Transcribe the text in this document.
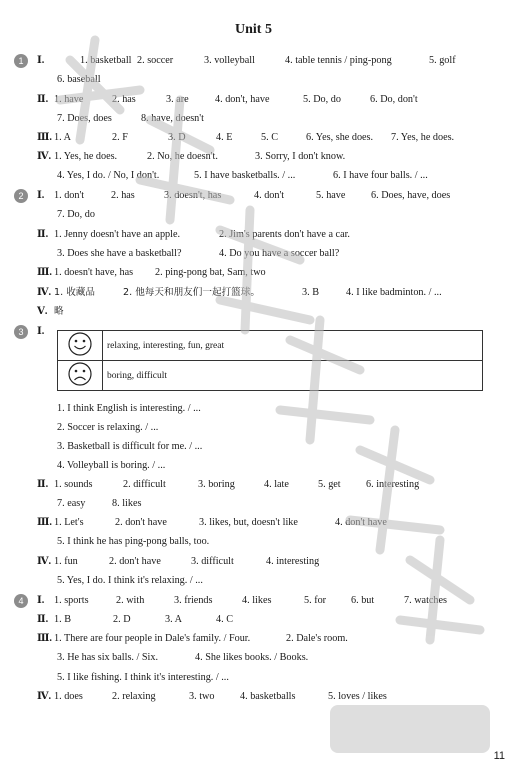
Unit 5
1
2
3
4
Ⅰ.	1. basketball 2. soccer	3. volleyball	4. table tennis / ping-pong	5. golf
6. baseball
Ⅱ. 1. have	2. has	3. are	4. don't, have	5. Do, do	6. Do, don't
7. Does, does	8. have, doesn't
Ⅲ. 1. A	2. F	3. D	4. E	5. C	6. Yes, she does. 7. Yes, he does.
Ⅳ. 1. Yes, he does.	2. No, he doesn't.	3. Sorry, I don't know.
4. Yes, I do. / No, I don't.	5. I have basketballs. / ...	6. I have four balls. / ...
Ⅰ. 1. don't	2. has	3. doesn't, has	4. don't	5. have	6. Does, have, does
7. Do, do
Ⅱ. 1. Jenny doesn't have an apple.	2. Jim's parents don't have a car.
3. Does she have a basketball?	4. Do you have a soccer ball?
Ⅲ. 1. doesn't have, has 2. ping-pong bat, Sam, two
Ⅳ. 1. 收藏品	2. 他每天和朋友们一起打篮球。	3. B	4. I like badminton. / ...
Ⅴ. 略
Ⅰ.
1. I think English is interesting. / ...
2. Soccer is relaxing. / ...
3. Basketball is difficult for me. / ...
4. Volleyball is boring. / ...
Ⅱ. 1. sounds	2. difficult	3. boring	4. late	5. get 6. interesting
7. easy	8. likes
Ⅲ. 1. Let's	2. don't have	3. likes, but, doesn't like	4. don't have
5. I think he has ping-pong balls, too.
Ⅳ. 1. fun	2. don't have	3. difficult	4. interesting
5. Yes, I do. I think it's relaxing. / ...
Ⅰ. 1. sports	2. with	3. friends	4. likes	5. for 6. but	7. watches
Ⅱ. 1. B	2. D	3. A	4. C
Ⅲ. 1. There are four people in Dale's family. / Four.	2. Dale's room.
3. He has six balls. / Six.	4. She likes books. / Books.
5. I like fishing. I think it's interesting. / ...
Ⅳ. 1. does	2. relaxing	3. two	4. basketballs	5. loves / likes
	relaxing, interesting, fun, great
	boring, difficult
11
